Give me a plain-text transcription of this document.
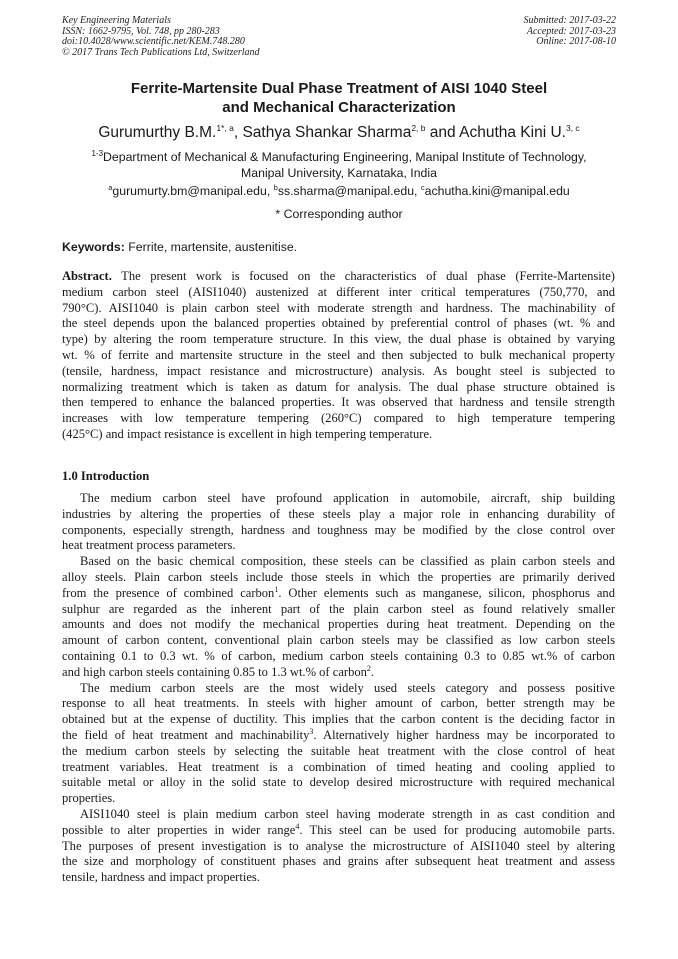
Key Engineering Materials
ISSN: 1662-9795, Vol. 748, pp 280-283
doi:10.4028/www.scientific.net/KEM.748.280
© 2017 Trans Tech Publications Ltd, Switzerland
Submitted: 2017-03-22
Accepted: 2017-03-23
Online: 2017-08-10
Ferrite-Martensite Dual Phase Treatment of AISI 1040 Steel
and Mechanical Characterization
Gurumurthy B.M.$^{1*, a}$, Sathya Shankar Sharma$^{2, b}$ and Achutha Kini U.$^{3, c}$
$^{1-3}$Department of Mechanical & Manufacturing Engineering, Manipal Institute of Technology,
Manipal University, Karnataka, India
$^a$gurumurty.bm@manipal.edu, $^b$ss.sharma@manipal.edu, $^c$achutha.kini@manipal.edu
* Corresponding author
Keywords: Ferrite, martensite, austenitise.
Abstract. The present work is focused on the characteristics of dual phase (Ferrite-Martensite)
medium carbon steel (AISI1040) austenized at different inter critical temperatures (750,770, and
790°C). AISI1040 is plain carbon steel with moderate strength and hardness. The machinability of
the steel depends upon the balanced properties obtained by preferential control of phases (wt. % and
type) by altering the room temperature structure. In this view, the dual phase is obtained by varying
wt. % of ferrite and martensite structure in the steel and then subjected to bulk mechanical property
(tensile, hardness, impact resistance and microstructure) analysis. As bought steel is subjected to
normalizing treatment which is taken as datum for analysis. The dual phase structure obtained is
then tempered to enhance the balanced properties. It was observed that hardness and tensile strength
increases with low temperature tempering (260°C) compared to high temperature tempering
(425°C) and impact resistance is excellent in high tempering temperature.
1.0 Introduction
The medium carbon steel have profound application in automobile, aircraft, ship building
industries by altering the properties of these steels play a major role in enhancing durability of
components, especially strength, hardness and toughness may be modified by the close control over
heat treatment process parameters.
Based on the basic chemical composition, these steels can be classified as plain carbon steels and
alloy steels. Plain carbon steels include those steels in which the properties are primarily derived
from the presence of combined carbon$^1$. Other elements such as manganese, silicon, phosphorus and
sulphur are regarded as the inherent part of the plain carbon steel as found relatively smaller
amounts and does not modify the mechanical properties during heat treatment. Depending on the
amount of carbon content, conventional plain carbon steels may be classified as low carbon steels
containing 0.1 to 0.3 wt. % of carbon, medium carbon steels containing 0.3 to 0.85 wt.% of carbon
and high carbon steels containing 0.85 to 1.3 wt.% of carbon$^2$.
The medium carbon steels are the most widely used steels category and possess positive
response to all heat treatments. In steels with higher amount of carbon, better strength may be
obtained but at the expense of ductility. This implies that the carbon content is the deciding factor in
the field of heat treatment and machinability$^3$. Alternatively higher hardness may be incorporated to
the medium carbon steels by selecting the suitable heat treatment with the close control of heat
treatment variables. Heat treatment is a combination of timed heating and cooling applied to
suitable metal or alloy in the solid state to develop desired microstructure with required mechanical
properties.
AISI1040 steel is plain medium carbon steel having moderate strength in as cast condition and
possible to alter properties in wider range$^4$. This steel can be used for producing automobile parts.
The purposes of present investigation is to analyse the microstructure of AISI1040 steel by altering
the size and morphology of constituent phases and grains after subsequent heat treatment and assess
tensile, hardness and impact properties.
